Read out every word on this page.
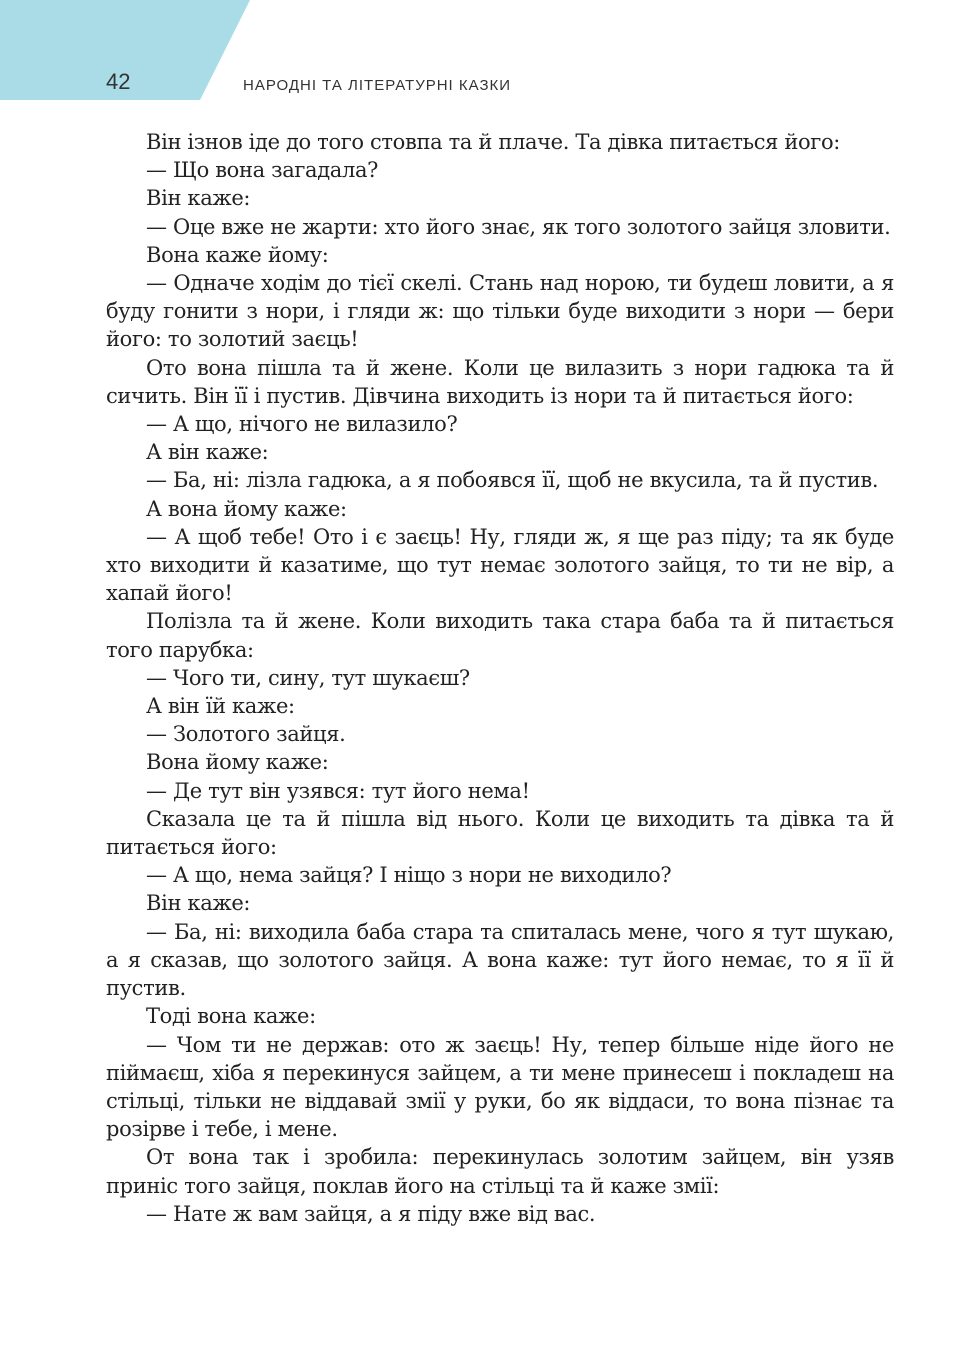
42	НАРОДНІ ТА ЛІТЕРАТУРНІ КАЗКИ

Він ізнов іде до того стовпа та й плаче. Та дівка питається його:

— Що вона загадала?

Він каже:

— Оце вже не жарти: хто його знає, як того золотого зайця зловити.

Вона каже йому:

— Одначе ходім до тієї скелі. Стань над норою, ти будеш ловити, а я буду гонити з нори, і гляди ж: що тільки буде виходити з нори — бери його: то золотий заєць!

Ото вона пішла та й жене. Коли це вилазить з нори гадюка та й сичить. Він її і пустив. Дівчина виходить із нори та й питається його:

— А що, нічого не вилазило?

А він каже:

— Ба, ні: лізла гадюка, а я побоявся її, щоб не вкусила, та й пустив.

А вона йому каже:

— А щоб тебе! Ото і є заєць! Ну, гляди ж, я ще раз піду; та як буде хто виходити й казатиме, що тут немає золотого зайця, то ти не вір, а хапай його!

Полізла та й жене. Коли виходить така стара баба та й питається того парубка:

— Чого ти, сину, тут шукаєш?

А він їй каже:

— Золотого зайця.

Вона йому каже:

— Де тут він узявся: тут його нема!

Сказала це та й пішла від нього. Коли це виходить та дівка та й питається його:

— А що, нема зайця? І ніщо з нори не виходило?

Він каже:

— Ба, ні: виходила баба стара та спиталась мене, чого я тут шукаю, а я сказав, що золотого зайця. А вона каже: тут його немає, то я її й пустив.

Тоді вона каже:

— Чом ти не держав: ото ж заєць! Ну, тепер більше ніде його не піймаєш, хіба я перекинуся зайцем, а ти мене принесеш і покладеш на стільці, тільки не віддавай змії у руки, бо як віддаси, то вона пізнає та розірве і тебе, і мене.

От вона так і зробила: перекинулась золотим зайцем, він узяв приніс того зайця, поклав його на стільці та й каже змії:

— Нате ж вам зайця, а я піду вже від вас.
